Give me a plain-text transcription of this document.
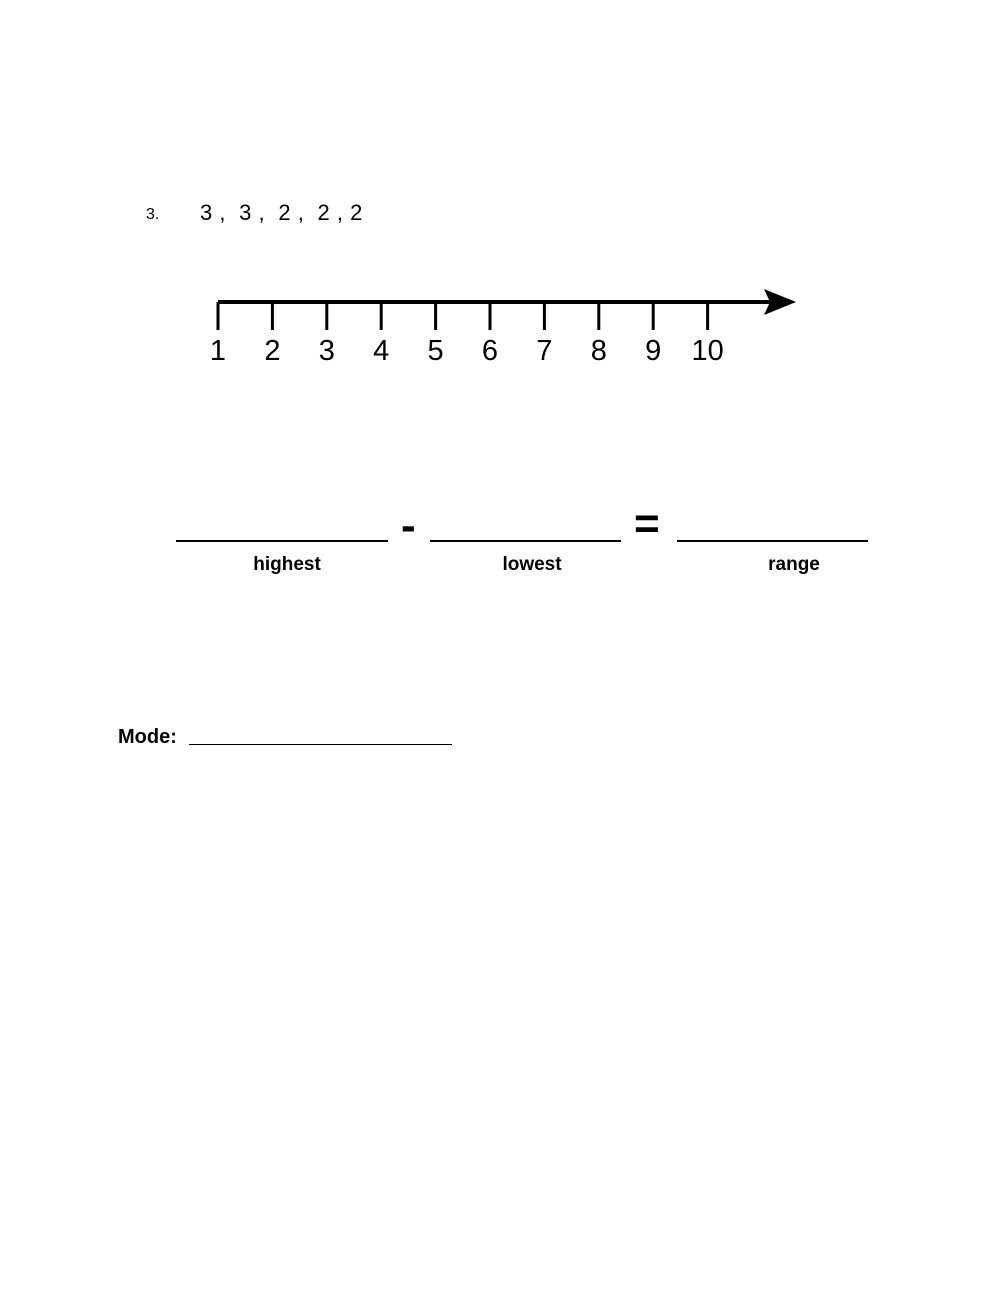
3. 3 ,  3 ,  2 ,  2 , 2
1 2 3 4 5 6 7 8 9 10
-	=
highest	lowest	range
Mode:
